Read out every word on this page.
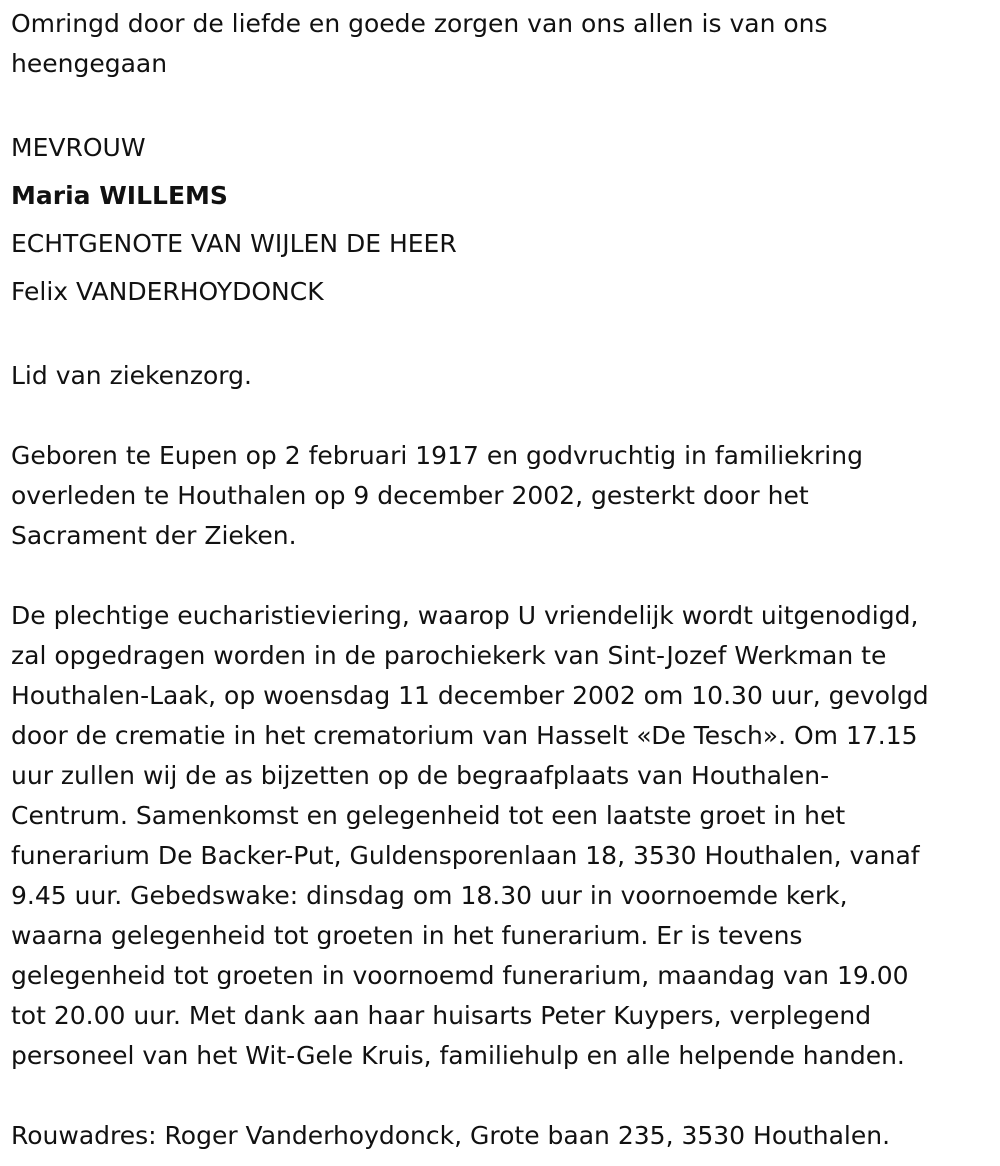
Omringd door de liefde en goede zorgen van ons allen is van ons

heengegaan

MEVROUW

Maria WILLEMS

ECHTGENOTE VAN WIJLEN DE HEER

Felix VANDERHOYDONCK

Lid van ziekenzorg.

Geboren te Eupen op 2 februari 1917 en godvruchtig in familiekring

overleden te Houthalen op 9 december 2002, gesterkt door het

Sacrament der Zieken.

De plechtige eucharistieviering, waarop U vriendelijk wordt uitgenodigd,

zal opgedragen worden in de parochiekerk van Sint-Jozef Werkman te

Houthalen-Laak, op woensdag 11 december 2002 om 10.30 uur, gevolgd

door de crematie in het crematorium van Hasselt «De Tesch». Om 17.15

uur zullen wij de as bijzetten op de begraafplaats van Houthalen-

Centrum. Samenkomst en gelegenheid tot een laatste groet in het

funerarium De Backer-Put, Guldensporenlaan 18, 3530 Houthalen, vanaf

9.45 uur. Gebedswake: dinsdag om 18.30 uur in voornoemde kerk,

waarna gelegenheid tot groeten in het funerarium. Er is tevens

gelegenheid tot groeten in voornoemd funerarium, maandag van 19.00

tot 20.00 uur. Met dank aan haar huisarts Peter Kuypers, verplegend

personeel van het Wit-Gele Kruis, familiehulp en alle helpende handen.

Rouwadres: Roger Vanderhoydonck, Grote baan 235, 3530 Houthalen.
